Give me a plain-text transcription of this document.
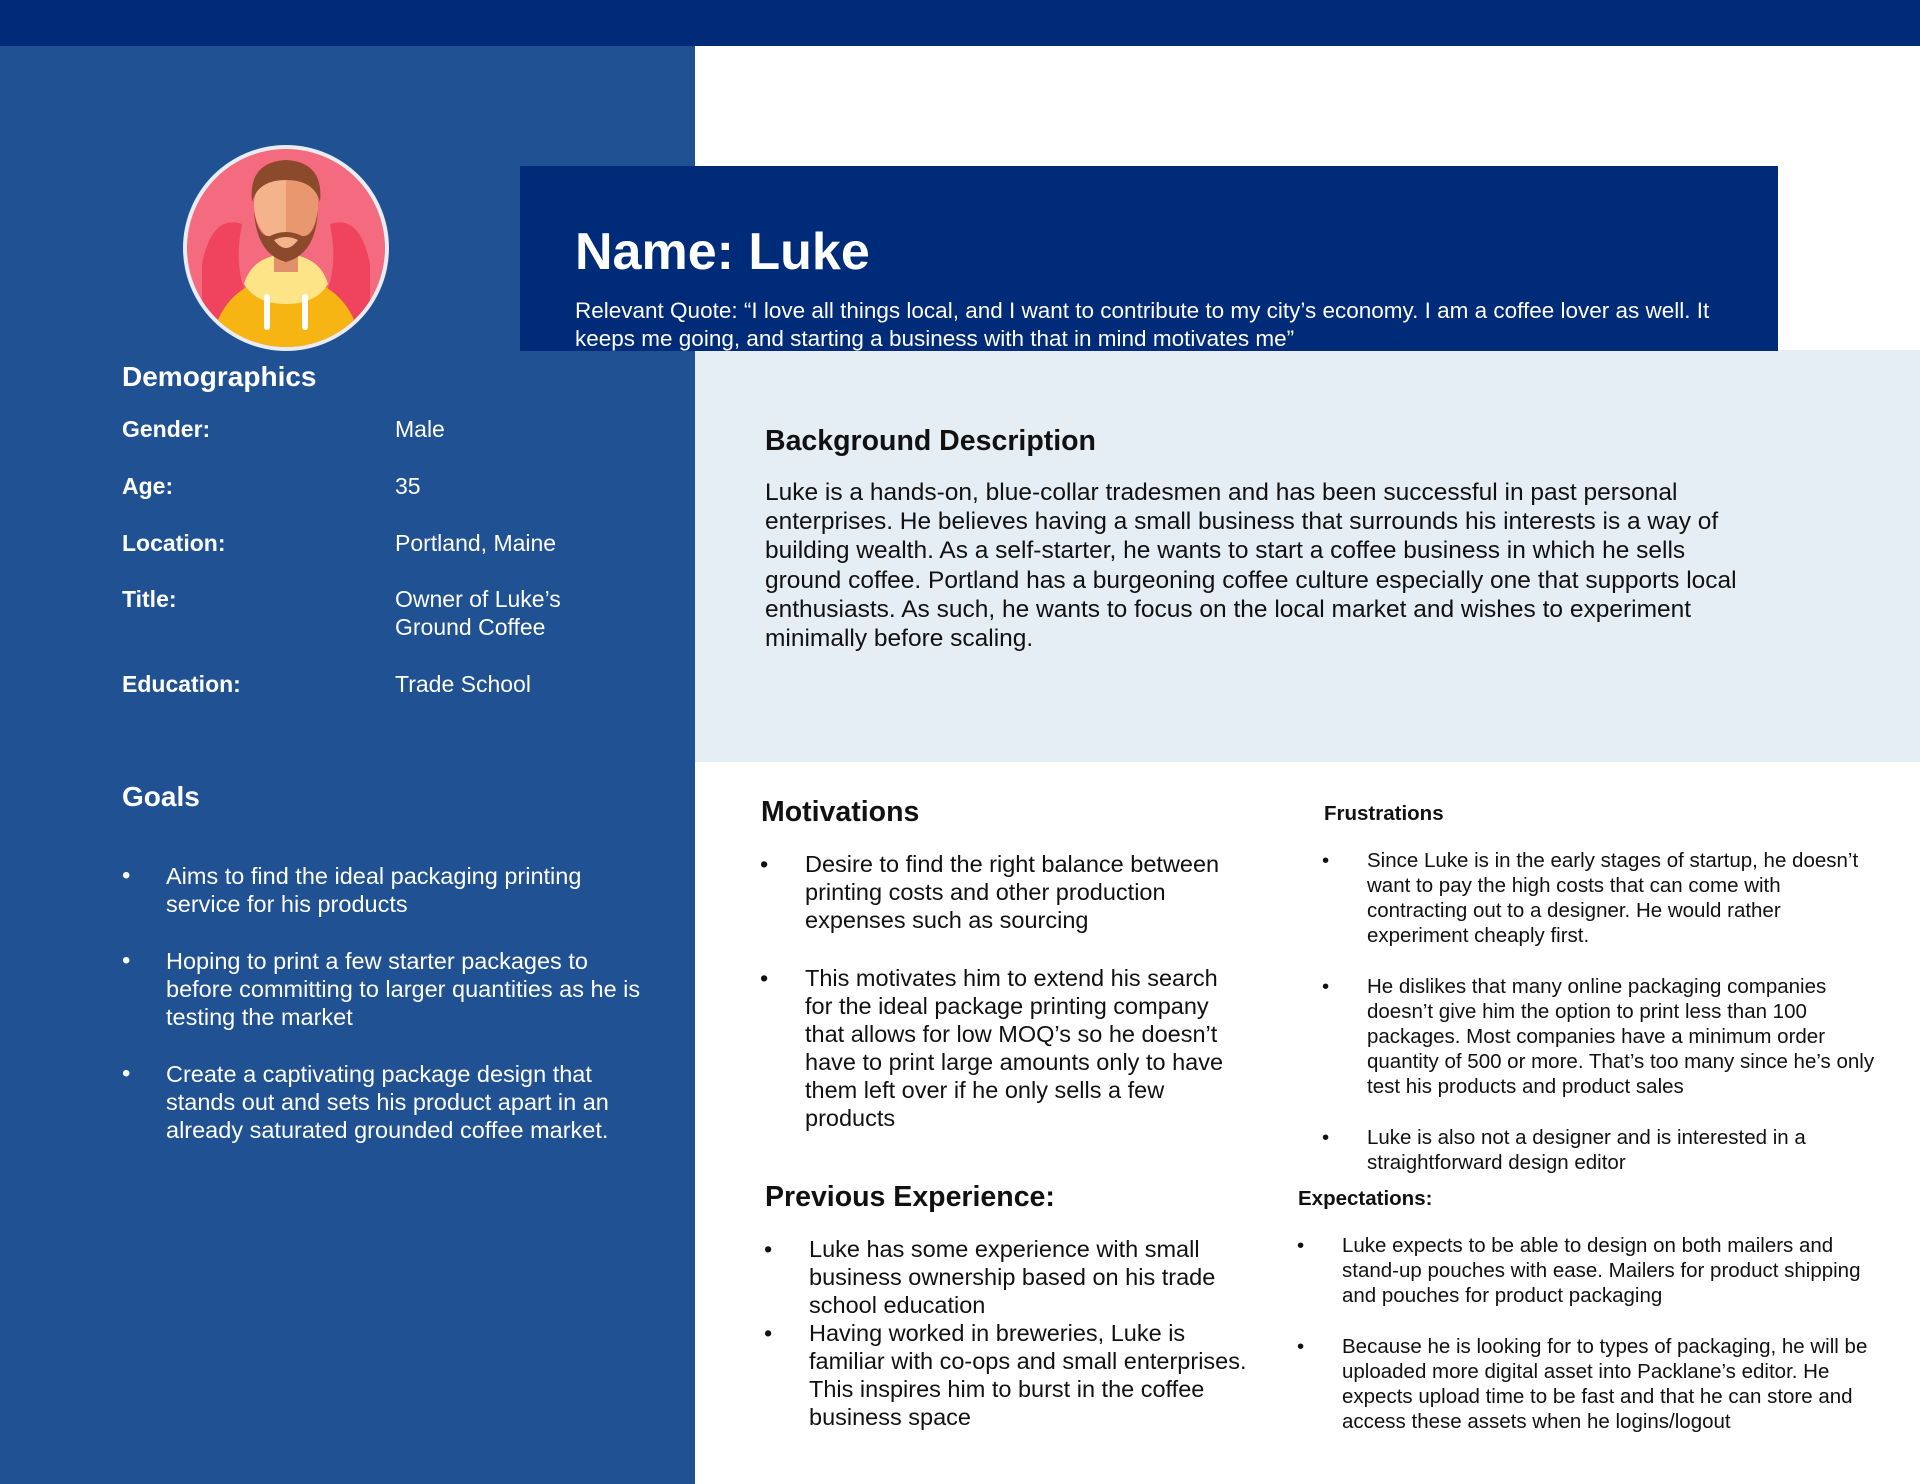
Name: Luke
Relevant Quote: “I love all things local, and I want to contribute to my city’s economy. I am a coffee lover as well. It keeps me going, and starting a business with that in mind motivates me”
Demographics
Gender:	Male
Age:	35
Location:	Portland, Maine
Title:	Owner of Luke’s Ground Coffee
Education:	Trade School
Goals
• Aims to find the ideal packaging printing service for his products
• Hoping to print a few starter packages to before committing to larger quantities as he is testing the market
• Create a captivating package design that stands out and sets his product apart in an already saturated grounded coffee market.
Background Description
Luke is a hands-on, blue-collar tradesmen and has been successful in past personal enterprises. He believes having a small business that surrounds his interests is a way of building wealth. As a self-starter, he wants to start a coffee business in which he sells ground coffee. Portland has a burgeoning coffee culture especially one that supports local enthusiasts. As such, he wants to focus on the local market and wishes to experiment minimally before scaling.
Motivations
• Desire to find the right balance between printing costs and other production expenses such as sourcing
• This motivates him to extend his search for the ideal package printing company that allows for low MOQ’s so he doesn’t have to print large amounts only to have them left over if he only sells a few products
Previous Experience:
• Luke has some experience with small business ownership based on his trade school education
• Having worked in breweries, Luke is familiar with co-ops and small enterprises. This inspires him to burst in the coffee business space
Frustrations
• Since Luke is in the early stages of startup, he doesn’t want to pay the high costs that can come with contracting out to a designer. He would rather experiment cheaply first.
• He dislikes that many online packaging companies doesn’t give him the option to print less than 100 packages. Most companies have a minimum order quantity of 500 or more. That’s too many since he’s only test his products and product sales
• Luke is also not a designer and is interested in a straightforward design editor
Expectations:
• Luke expects to be able to design on both mailers and stand-up pouches with ease. Mailers for product shipping and pouches for product packaging
• Because he is looking for to types of packaging, he will be uploaded more digital asset into Packlane’s editor. He expects upload time to be fast and that he can store and access these assets when he logins/logout
